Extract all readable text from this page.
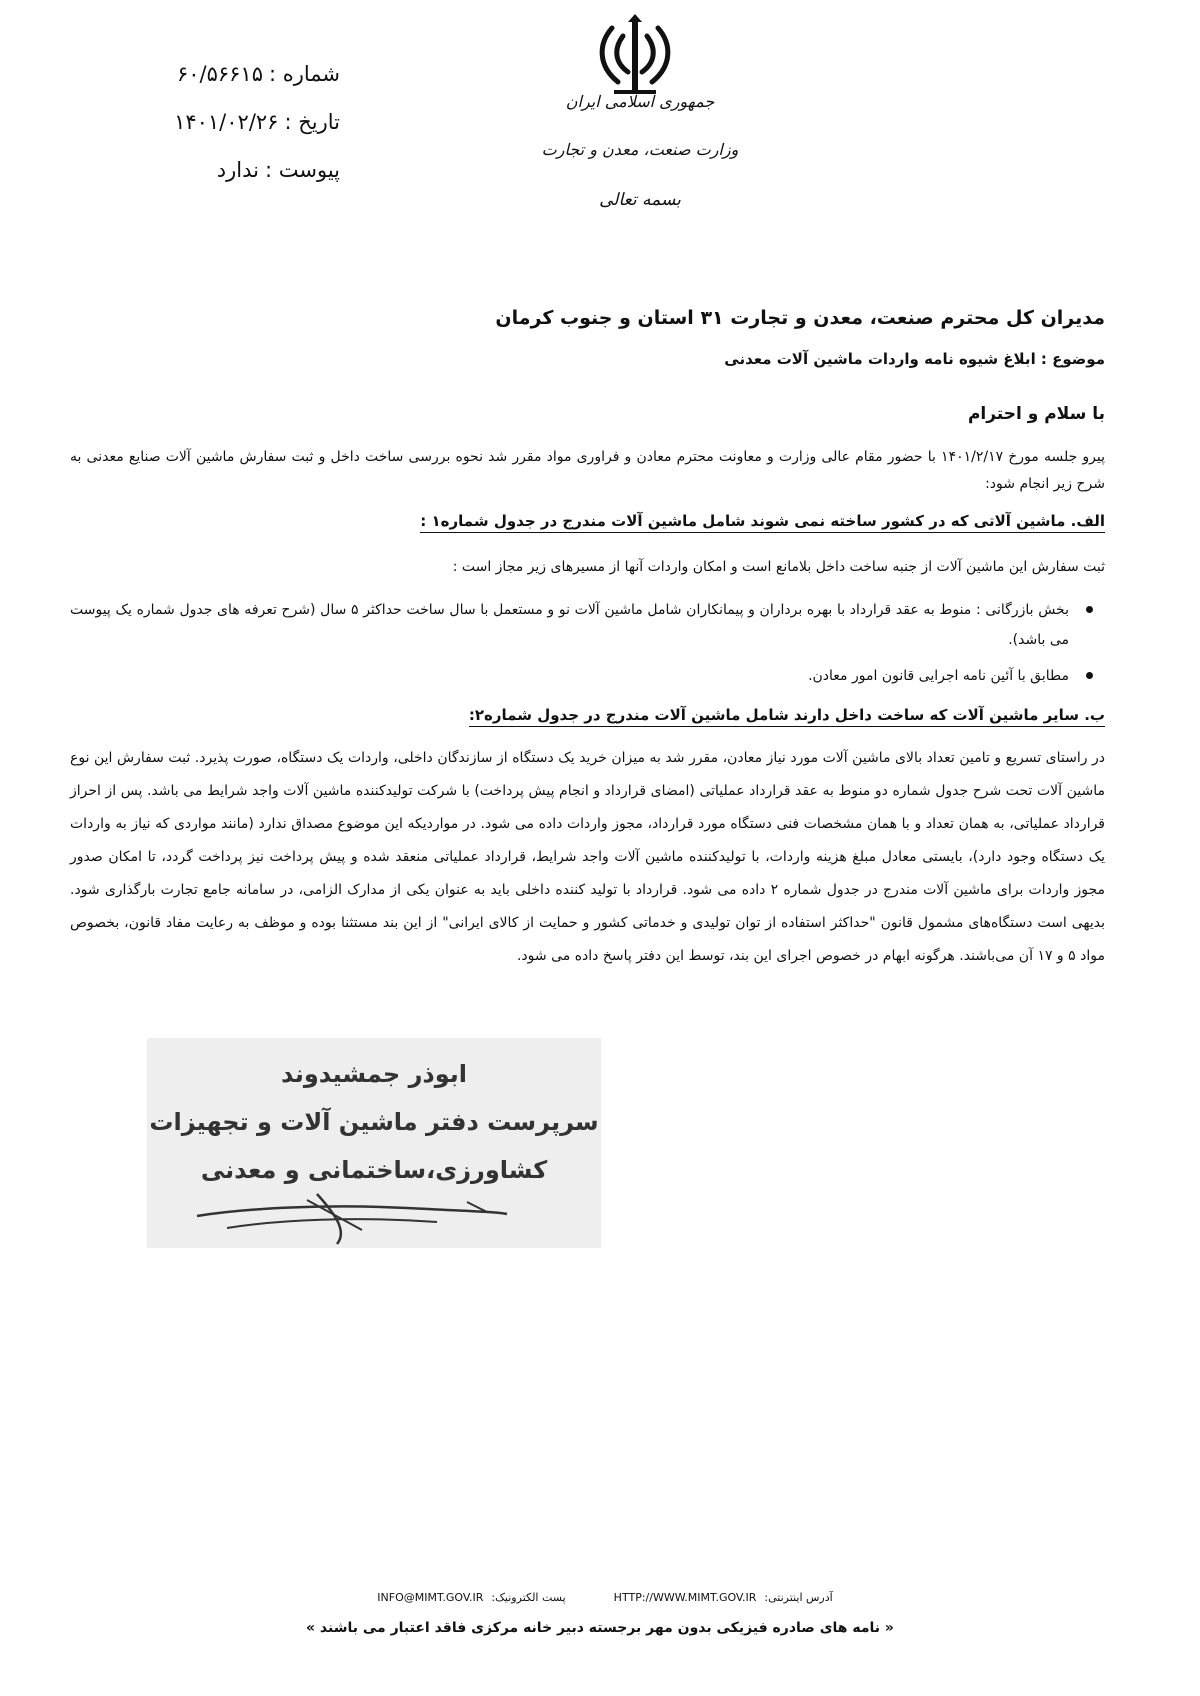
شماره :
۶۰/۵۶۶۱۵
تاریخ :
۱۴۰۱/۰۲/۲۶
پیوست :
ندارد
جمهوری اسلامی ایران
وزارت صنعت، معدن و تجارت
بسمه تعالی
مدیران کل محترم صنعت، معدن و تجارت ۳۱ استان و جنوب کرمان
موضوع : ابلاغ شیوه نامه واردات ماشین آلات معدنی
با سلام و احترام
پیرو جلسه مورخ ۱۴۰۱/۲/۱۷ با حضور مقام عالی وزارت و معاونت محترم معادن و فراوری مواد مقرر شد نحوه بررسی ساخت داخل و ثبت سفارش ماشین آلات صنایع معدنی به شرح زیر انجام شود:
الف. ماشین آلاتی که در کشور ساخته نمی شوند شامل ماشین آلات مندرج در جدول شماره۱ :
ثبت سفارش این ماشین آلات از جنبه ساخت داخل بلامانع است و امکان واردات آنها از مسیرهای زیر مجاز است :
بخش بازرگانی : منوط به عقد قرارداد با بهره برداران و پیمانکاران شامل ماشین آلات نو و مستعمل با سال ساخت حداکثر ۵ سال (شرح تعرفه های جدول شماره یک پیوست می باشد).
مطابق با آئین نامه اجرایی قانون امور معادن.
ب. سایر ماشین آلات که ساخت داخل دارند شامل ماشین آلات مندرج در جدول شماره۲:
در راستای تسریع و تامین تعداد بالای ماشین آلات مورد نیاز معادن، مقرر شد به میزان خرید یک دستگاه از سازندگان داخلی، واردات یک دستگاه، صورت پذیرد. ثبت سفارش این نوع ماشین آلات تحت شرح جدول شماره دو منوط به عقد قرارداد عملیاتی (امضای قرارداد و انجام پیش پرداخت) با شرکت تولیدکننده ماشین آلات واجد شرایط می باشد. پس از احراز قرارداد عملیاتی، به همان تعداد و با همان مشخصات فنی دستگاه مورد قرارداد، مجوز واردات داده می شود. در مواردیکه این موضوع مصداق ندارد (مانند مواردی که نیاز به واردات یک دستگاه وجود دارد)، بایستی معادل مبلغ هزینه واردات، با تولیدکننده ماشین آلات واجد شرایط، قرارداد عملیاتی منعقد شده و پیش پرداخت نیز پرداخت گردد، تا امکان صدور مجوز واردات برای ماشین آلات مندرج در جدول شماره ۲ داده می شود. قرارداد با تولید کننده داخلی باید به عنوان یکی از مدارک الزامی، در سامانه جامع تجارت بارگذاری شود. بدیهی است دستگاه‌های مشمول قانون "حداکثر استفاده از توان تولیدی و خدماتی کشور و حمایت از کالای ایرانی" از این بند مستثنا بوده و موظف به رعایت مفاد قانون، بخصوص مواد ۵ و ۱۷ آن می‌باشند. هرگونه ابهام در خصوص اجرای این بند، توسط این دفتر پاسخ داده می شود.
ابوذر جمشیدوند
سرپرست دفتر ماشین آلات و تجهیزات
کشاورزی،ساختمانی و معدنی
آدرس اینترنتی:
HTTP://WWW.MIMT.GOV.IR
پست الکترونیک:
INFO@MIMT.GOV.IR
« نامه های صادره فیزیکی بدون مهر برجسته دبیر خانه مرکزی فاقد اعتبار می باشند »
